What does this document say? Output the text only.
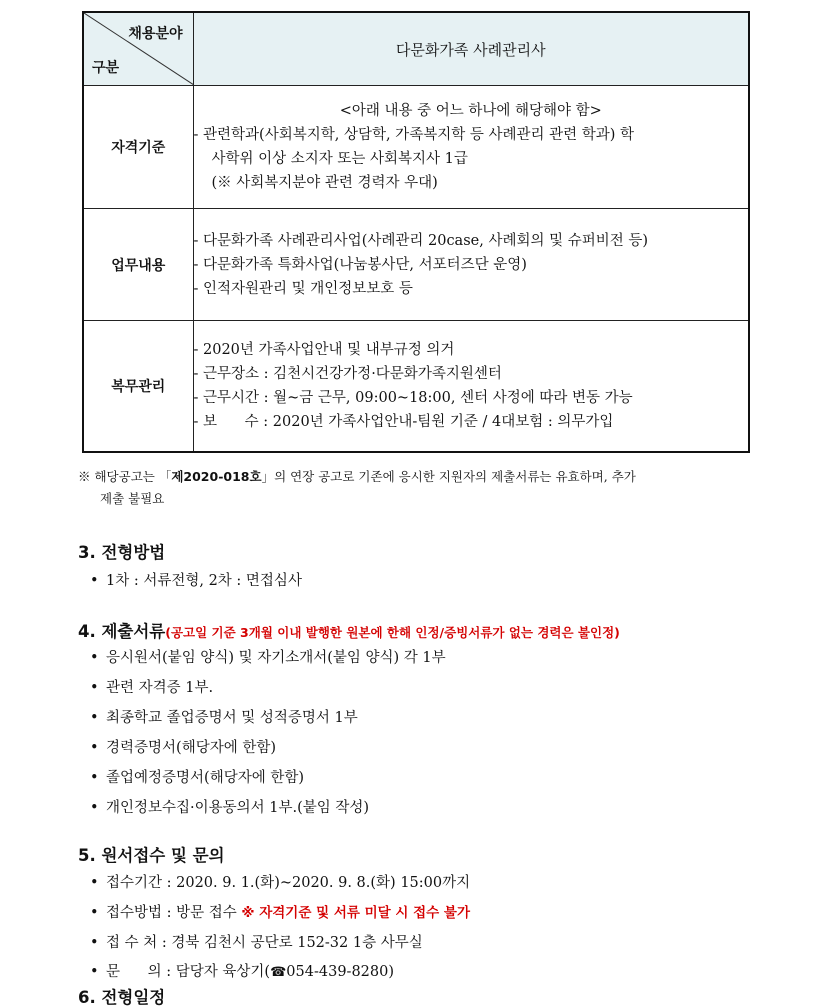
채용분야
구분	다문화가족 사례관리사
자격기준	<아래 내용 중 어느 하나에 해당해야 함>
- 관련학과(사회복지학, 상담학, 가족복지학 등 사례관리 관련 학과) 학
사학위 이상 소지자 또는 사회복지사 1급
(※ 사회복지분야 관련 경력자 우대)

업무내용	- 다문화가족 사례관리사업(사례관리 20case, 사례회의 및 슈퍼비전 등)
- 다문화가족 특화사업(나눔봉사단, 서포터즈단 운영)
- 인적자원관리 및 개인정보보호 등

복무관리	- 2020년 가족사업안내 및 내부규정 의거
- 근무장소 : 김천시건강가정·다문화가족지원센터
- 근무시간 : 월~금 근무, 09:00~18:00, 센터 사정에 따라 변동 가능
- 보      수 : 2020년 가족사업안내-팀원 기준 / 4대보험 : 의무가입
※ 해당공고는 「제2020-018호」의 연장 공고로 기존에 응시한 지원자의 제출서류는 유효하며, 추가
제출 불필요
3. 전형방법
• 1차 : 서류전형, 2차 : 면접심사
4. 제출서류(공고일 기준 3개월 이내 발행한 원본에 한해 인정/증빙서류가 없는 경력은 불인정)
• 응시원서(붙임 양식) 및 자기소개서(붙임 양식) 각 1부
• 관련 자격증 1부.
• 최종학교 졸업증명서 및 성적증명서 1부
• 경력증명서(해당자에 한함)
• 졸업예정증명서(해당자에 한함)
• 개인정보수집·이용동의서 1부.(붙임 작성)
5. 원서접수 및 문의
• 접수기간 : 2020. 9. 1.(화)~2020. 9. 8.(화) 15:00까지
• 접수방법 : 방문 접수 ※ 자격기준 및 서류 미달 시 접수 불가
• 접 수 처 : 경북 김천시 공단로 152-32 1층 사무실
• 문      의 : 담당자 육상기(☎054-439-8280)
6. 전형일정
